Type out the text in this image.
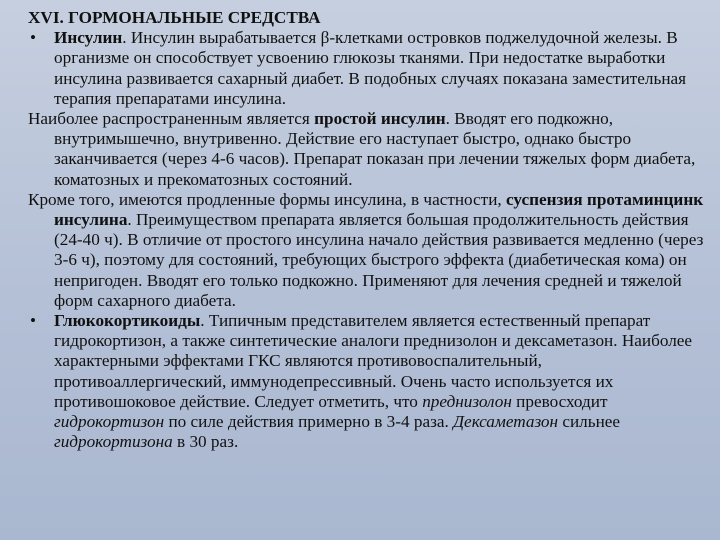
XVI. ГОРМОНАЛЬНЫЕ СРЕДСТВА

• Инсулин. Инсулин вырабатывается β-клетками островков поджелудочной железы. В организме он способствует усвоению глюкозы тканями. При недостатке выработки инсулина развивается сахарный диабет. В подобных случаях показана заместительная терапия препаратами инсулина.

Наиболее распространенным является простой инсулин. Вводят его подкожно, внутримышечно, внутривенно. Действие его наступает быстро, однако быстро заканчивается (через 4-6 часов). Препарат показан при лечении тяжелых форм диабета, коматозных и прекоматозных состояний.

Кроме того, имеются продленные формы инсулина, в частности, суспензия протаминцинк инсулина. Преимуществом препарата является большая продолжительность действия (24-40 ч). В отличие от простого инсулина начало действия развивается медленно (через 3-6 ч), поэтому для состояний, требующих быстрого эффекта (диабетическая кома) он непригоден. Вводят его только подкожно. Применяют для лечения средней и тяжелой форм сахарного диабета.

• Глюкокортикоиды. Типичным представителем является естественный препарат гидрокортизон, а также синтетические аналоги преднизолон и дексаметазон. Наиболее характерными эффектами ГКС являются противовоспалительный, противоаллергический, иммунодепрессивный. Очень часто используется их противошоковое действие. Следует отметить, что преднизолон превосходит гидрокортизон по силе действия примерно в 3-4 раза. Дексаметазон сильнее гидрокортизона в 30 раз.
